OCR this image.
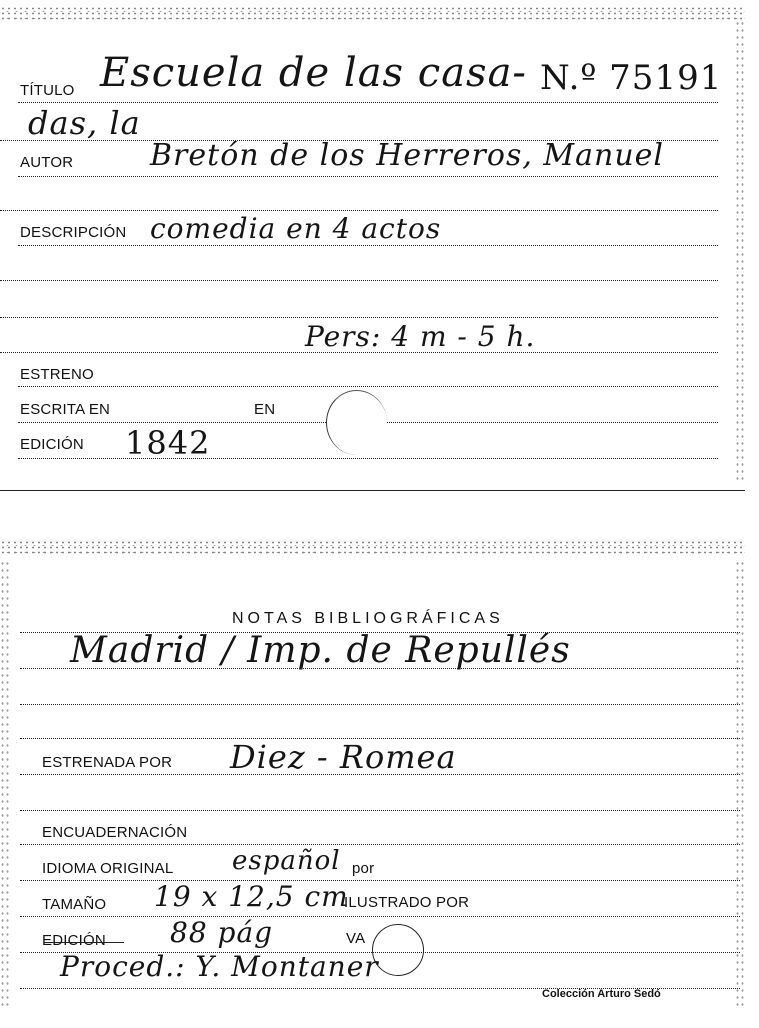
TÍTULO Escuela de las casa- N.º 75191
das, la
AUTOR	Bretón de los Herreros, Manuel
DESCRIPCIÓN comedia en 4 actos
Pers: 4 m - 5 h.
ESTRENO
ESCRITA EN	EN
EDICIÓN 1842
NOTAS BIBLIOGRÁFICAS
Madrid / Imp. de Repullés
ESTRENADA POR Diez - Romea
ENCUADERNACIÓN
IDIOMA ORIGINAL español por
TAMAÑO 19 x 12,5 cm
ILUSTRADO POR
EDICIÓN 88 pág	VA
Proced.: Y. Montaner
Colección Arturo Sedó
